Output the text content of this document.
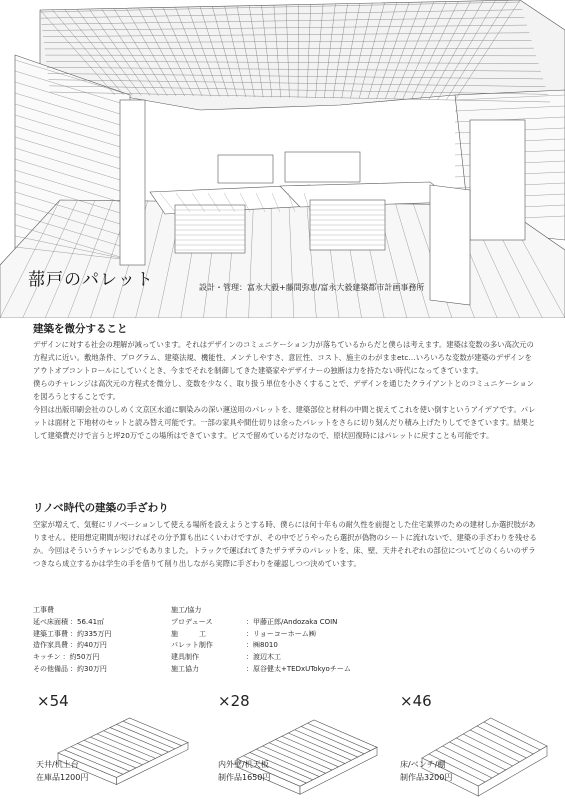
蔀戸のパレット	設計・管理：富永大毅+藤間弥恵/富永大毅建築都市計画事務所
建築を微分すること

デザインに対する社会の理解が減っています。それはデザインのコミュニケーション力が落ちているからだと僕らは考えます。建築は変数の多い高次元の方程式に近い。敷地条件、プログラム、建築法規、機能性、メンテしやすさ、意匠性、コスト、施主のわがままetc…いろいろな変数が建築のデザインをアウトオブコントロールにしていくとき、今までそれを制御してきた建築家やデザイナーの独断は力を持たない時代になってきています。

僕らのチャレンジは高次元の方程式を微分し、変数を少なく、取り扱う単位を小さくすることで、デザインを通じたクライアントとのコミュニケーションを図ろうとすることです。

今回は出版印刷会社のひしめく文京区水道に馴染みの深い運送用のパレットを、建築部位と材料の中間と捉えてこれを使い倒すというアイデアです。パレットは面材と下地材のセットと読み替え可能です。一部の家具や間仕切りは余ったパレットをさらに切り刻んだり積み上げたりしてできています。結果として建築費だけで言うと坪20万でこの場所はできています。ビスで留めているだけなので、原状回復時にはパレットに戻すことも可能です。

リノベ時代の建築の手ざわり

空家が増えて、気軽にリノベーションして使える場所を設えようとする時、僕らには何十年もの耐久性を前提とした住宅業界のための建材しか選択肢がありません。使用想定期間が短ければその分予算も出にくいわけですが、その中でどうやったら選択が偽物のシートに流れないで、建築の手ざわりを残せるか。今回はそういうチャレンジでもありました。トラックで運ばれてきたザラザラのパレットを、床、壁、天井それぞれの部位についてどのくらいのザラつきなら成立するかは学生の手を借りて削り出しながら実際に手ざわりを確認しつつ決めています。

工事費
延べ床面積 ：56.41㎡
建築工事費 ：約335万円
造作家具費 ：約40万円
キッチン ：約50万円
その他備品 ：約30万円
施工/協力
プロデュース	：甲藤正郎/Andozaka COIN
施　　　工	：リョーコーホーム㈱
パレット制作	：㈱8010
建具制作	：渡辺木工
施工協力	：原谷健太+TEDxUTokyoチーム
×54	×28	×46
天井/机土台
在庫品1200円
内外壁/机天板
制作品1650円
床/ベンチ/棚
制作品3200円
